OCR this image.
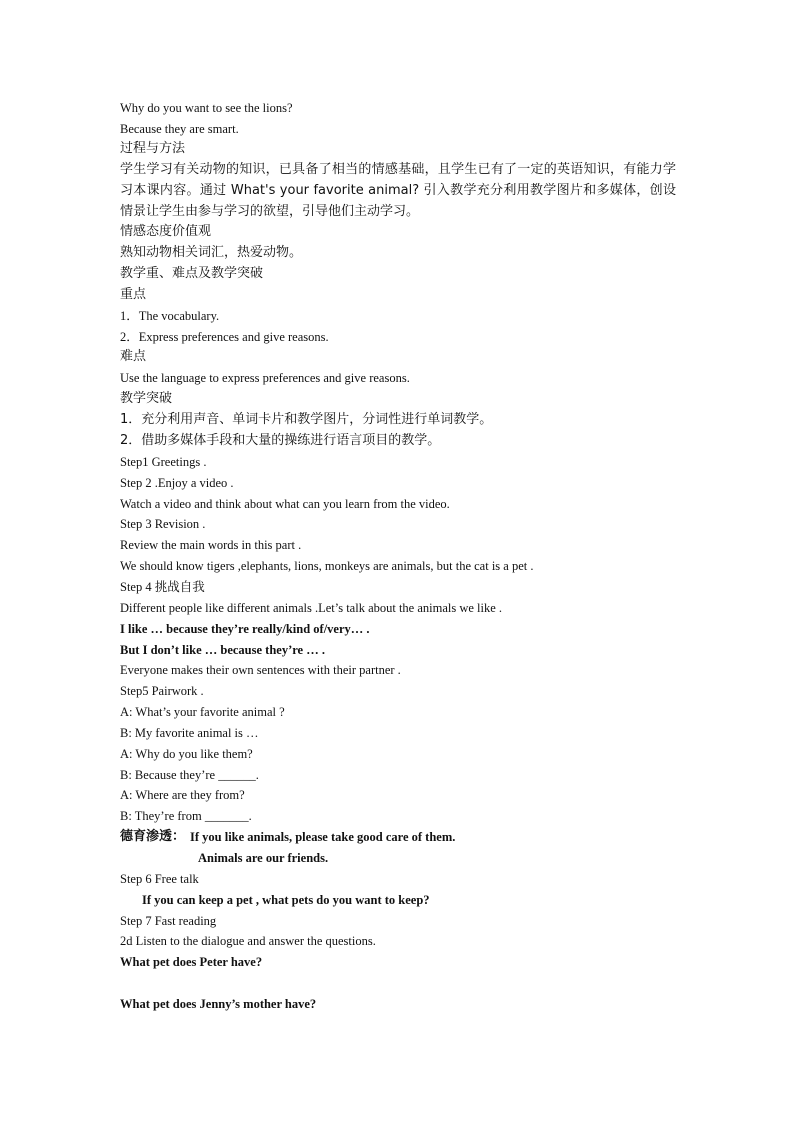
Why do you want to see the lions?
Because they are smart.
过程与方法
学生学习有关动物的知识，已具备了相当的情感基础，且学生已有了一定的英语知识，有能力学习本课内容。通过 What's your favorite animal? 引入教学充分利用教学图片和多媒体，创设情景让学生由参与学习的欲望，引导他们主动学习。
情感态度价值观
熟知动物相关词汇，热爱动物。
教学重、难点及教学突破
重点
1．The vocabulary.
2．Express preferences and give reasons.
难点
Use the language to express preferences and give reasons.
教学突破
1．充分利用声音、单词卡片和教学图片，分词性进行单词教学。
2．借助多媒体手段和大量的操练进行语言项目的教学。
Step1 Greetings .
Step 2 .Enjoy a video .
Watch a video and think about what can you learn from the video.
Step 3 Revision .
Review the main words in this part .
We should know tigers ,elephants, lions, monkeys are animals, but the cat is a pet .
Step 4 挑战自我
Different people like different animals .Let’s talk about the animals we like .
I like … because they’re really/kind of/very… .
But I don’t like … because they’re … .
Everyone makes their own sentences with their partner .
Step5 Pairwork .
A: What’s your favorite animal ?
B: My favorite animal is …
A: Why do you like them?
B: Because they’re ______.
A: Where are they from?
B: They’re from _______.
德育渗透： If you like animals, please take good care of them.
Animals are our friends.
Step 6 Free talk
If you can keep a pet , what pets do you want to keep?
Step 7 Fast reading
2d Listen to the dialogue and answer the questions.
What pet does Peter have?
What pet does Jenny’s mother have?
